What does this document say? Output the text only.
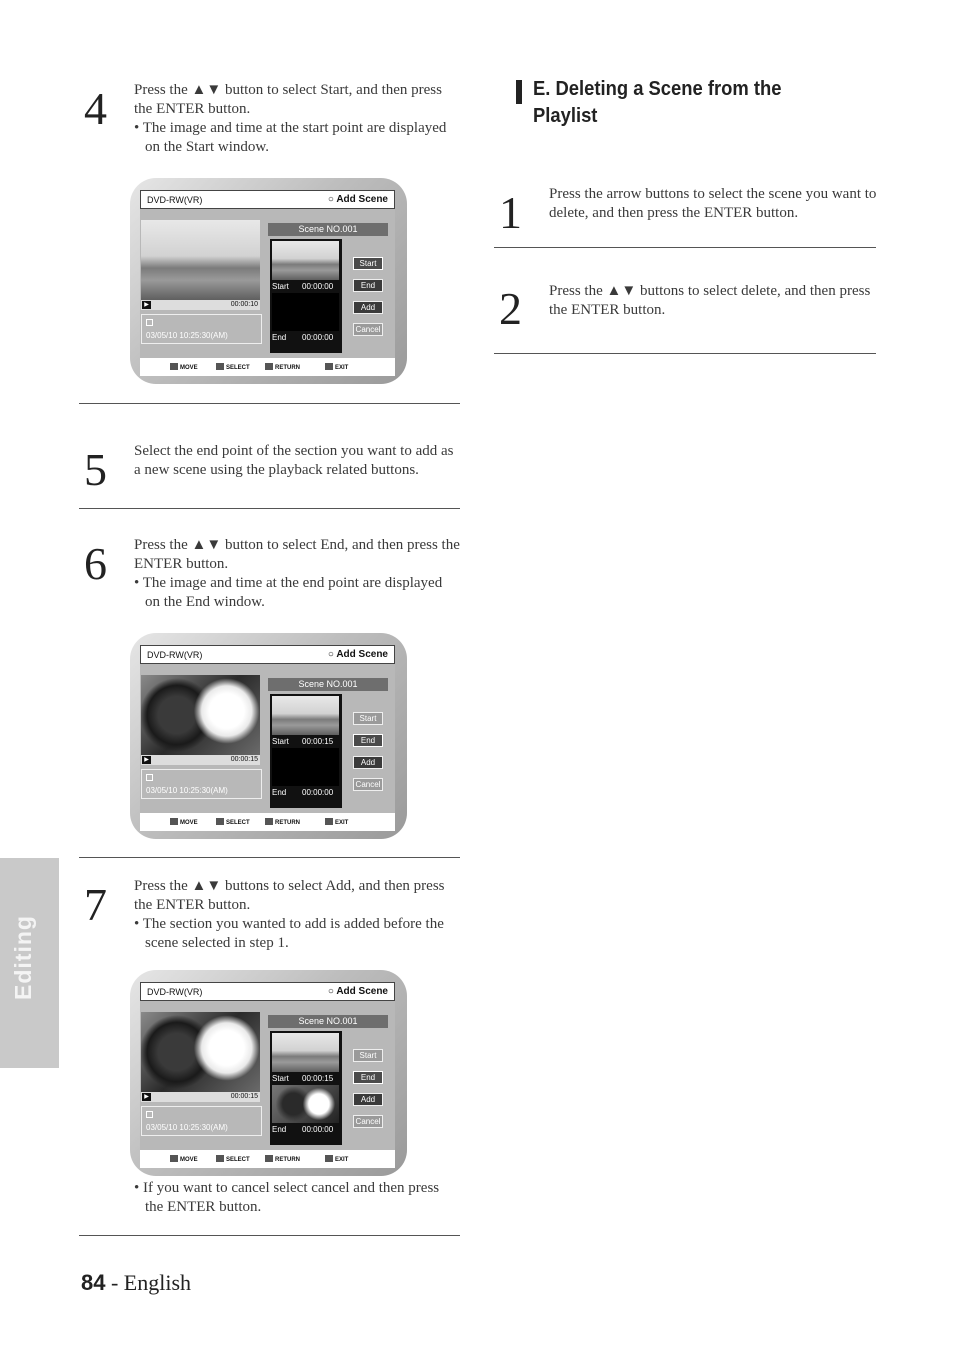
Editing
4 Press the ▲▼ button to select Start, and then press the ENTER button.

• The image and time at the start point are displayed on the Start window.

DVD-RW(VR)	○ Add Scene
▶	00:00:10
03/05/10 10:25:30(AM)
Scene NO.001
Start 00:00:00
End 00:00:00
Start
End
Add
Cancel
MOVE	SELECT	RETURN	EXIT
5 Select the end point of the section you want to add as a new scene using the playback related buttons.

6 Press the ▲▼ button to select End, and then press the ENTER button.

• The image and time at the end point are displayed on the End window.

DVD-RW(VR)	○ Add Scene
▶	00:00:15
03/05/10 10:25:30(AM)
Scene NO.001
Start 00:00:15
End 00:00:00
Start
End
Add
Cancel
MOVE	SELECT	RETURN	EXIT
7 Press the ▲▼ buttons to select Add, and then press the ENTER button.

• The section you wanted to add is added before the scene selected in step 1.

DVD-RW(VR)	○ Add Scene
▶	00:00:15
03/05/10 10:25:30(AM)
Scene NO.001
Start 00:00:15
End 00:00:00
Start
End
Add
Cancel
MOVE	SELECT	RETURN	EXIT

• If you want to cancel select cancel and then press the ENTER button.

E. Deleting a Scene from the
Playlist
1 Press the arrow buttons to select the scene you want to delete, and then press the ENTER button.

2 Press the ▲▼ buttons to select delete, and then press the ENTER button.

84 - English
